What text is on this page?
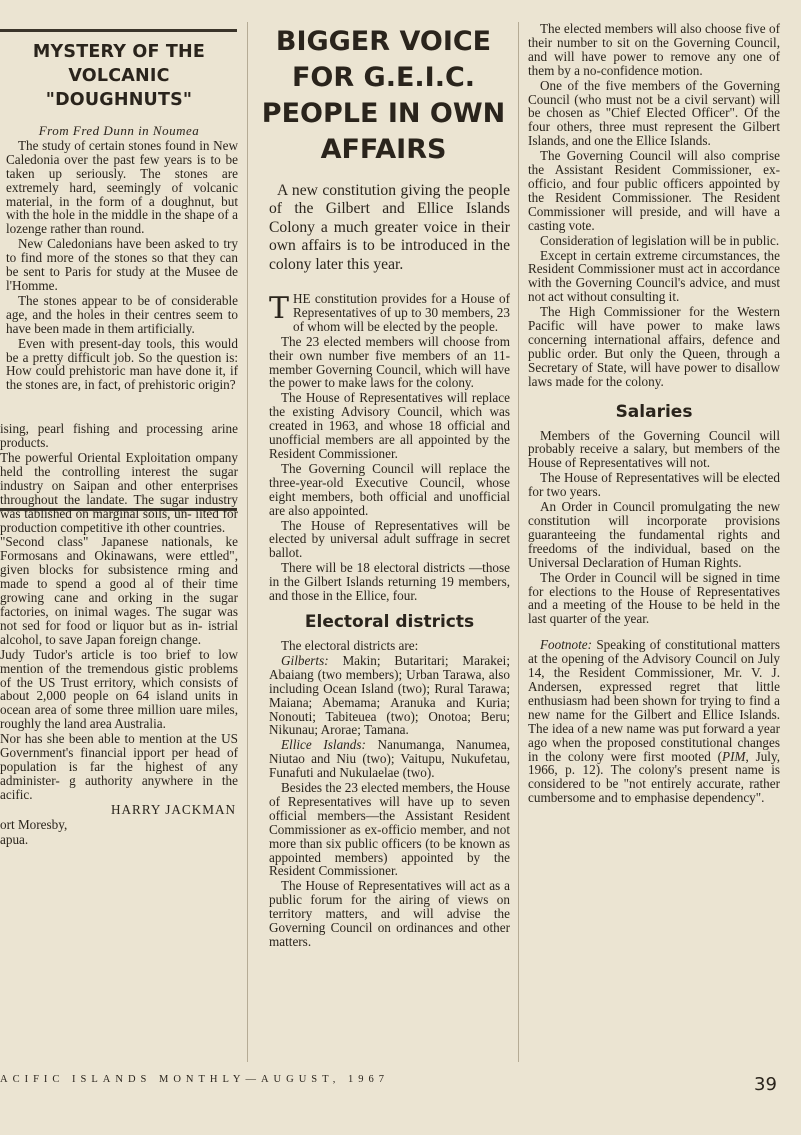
MYSTERY OF THE VOLCANIC "DOUGHNUTS"

From Fred Dunn in Noumea

The study of certain stones found in New Caledonia over the past few years is to be taken up seriously. The stones are extremely hard, seemingly of volcanic material, in the form of a doughnut, but with the hole in the middle in the shape of a lozenge rather than round.

New Caledonians have been asked to try to find more of the stones so that they can be sent to Paris for study at the Musee de l'Homme.

The stones appear to be of considerable age, and the holes in their centres seem to have been made in them artificially.

Even with present-day tools, this would be a pretty difficult job. So the question is: How could prehistoric man have done it, if the stones are, in fact, of prehistoric origin?

ising, pearl fishing and processing arine products.

The powerful Oriental Exploitation ompany held the controlling interest the sugar industry on Saipan and other enterprises throughout the landate. The sugar industry was tablished on marginal soils, un- iited for production competitive ith other countries.

"Second class" Japanese nationals, ke Formosans and Okinawans, were ettled", given blocks for subsistence rming and made to spend a good al of their time growing cane and orking in the sugar factories, on inimal wages. The sugar was not sed for food or liquor but as in- istrial alcohol, to save Japan foreign change.

Judy Tudor's article is too brief to low mention of the tremendous gistic problems of the US Trust erritory, which consists of about 2,000 people on 64 island units in ocean area of some three million uare miles, roughly the land area Australia.

Nor has she been able to mention at the US Government's financial ipport per head of population is far the highest of any administer- g authority anywhere in the acific.

HARRY JACKMAN

ort Moresby,

apua.

BIGGER VOICE FOR G.E.I.C. PEOPLE IN OWN AFFAIRS
A new constitution giving the people of the Gilbert and Ellice Islands Colony a much greater voice in their own affairs is to be introduced in the colony later this year.

THE constitution provides for a House of Representatives of up to 30 members, 23 of whom will be elected by the people.

The 23 elected members will choose from their own number five members of an 11-member Governing Council, which will have the power to make laws for the colony.

The House of Representatives will replace the existing Advisory Council, which was created in 1963, and whose 18 official and unofficial members are all appointed by the Resident Commissioner.

The Governing Council will replace the three-year-old Executive Council, whose eight members, both official and unofficial are also appointed.

The House of Representatives will be elected by universal adult suffrage in secret ballot.

There will be 18 electoral districts —those in the Gilbert Islands returning 19 members, and those in the Ellice, four.

Electoral districts

The electoral districts are:

Gilberts: Makin; Butaritari; Marakei; Abaiang (two members); Urban Tarawa, also including Ocean Island (two); Rural Tarawa; Maiana; Abemama; Aranuka and Kuria; Nonouti; Tabiteuea (two); Onotoa; Beru; Nikunau; Arorae; Tamana.

Ellice Islands: Nanumanga, Nanumea, Niutao and Niu (two); Vaitupu, Nukufetau, Funafuti and Nukulaelae (two).

Besides the 23 elected members, the House of Representatives will have up to seven official members—the Assistant Resident Commissioner as ex-officio member, and not more than six public officers (to be known as appointed members) appointed by the Resident Commissioner.

The House of Representatives will act as a public forum for the airing of views on territory matters, and will advise the Governing Council on ordinances and other matters.

The elected members will also choose five of their number to sit on the Governing Council, and will have power to remove any one of them by a no-confidence motion.

One of the five members of the Governing Council (who must not be a civil servant) will be chosen as "Chief Elected Officer". Of the four others, three must represent the Gilbert Islands, and one the Ellice Islands.

The Governing Council will also comprise the Assistant Resident Commissioner, ex-officio, and four public officers appointed by the Resident Commissioner. The Resident Commissioner will preside, and will have a casting vote.

Consideration of legislation will be in public.

Except in certain extreme circumstances, the Resident Commissioner must act in accordance with the Governing Council's advice, and must not act without consulting it.

The High Commissioner for the Western Pacific will have power to make laws concerning international affairs, defence and public order. But only the Queen, through a Secretary of State, will have power to disallow laws made for the colony.

Salaries

Members of the Governing Council will probably receive a salary, but members of the House of Representatives will not.

The House of Representatives will be elected for two years.

An Order in Council promulgating the new constitution will incorporate provisions guaranteeing the fundamental rights and freedoms of the individual, based on the Universal Declaration of Human Rights.

The Order in Council will be signed in time for elections to the House of Representatives and a meeting of the House to be held in the last quarter of the year.

Footnote: Speaking of constitutional matters at the opening of the Advisory Council on July 14, the Resident Commissioner, Mr. V. J. Andersen, expressed regret that little enthusiasm had been shown for trying to find a new name for the Gilbert and Ellice Islands. The idea of a new name was put forward a year ago when the proposed constitutional changes in the colony were first mooted (PIM, July, 1966, p. 12). The colony's present name is considered to be "not entirely accurate, rather cumbersome and to emphasise dependency".

ACIFIC ISLANDS MONTHLY—AUGUST, 1967	39
